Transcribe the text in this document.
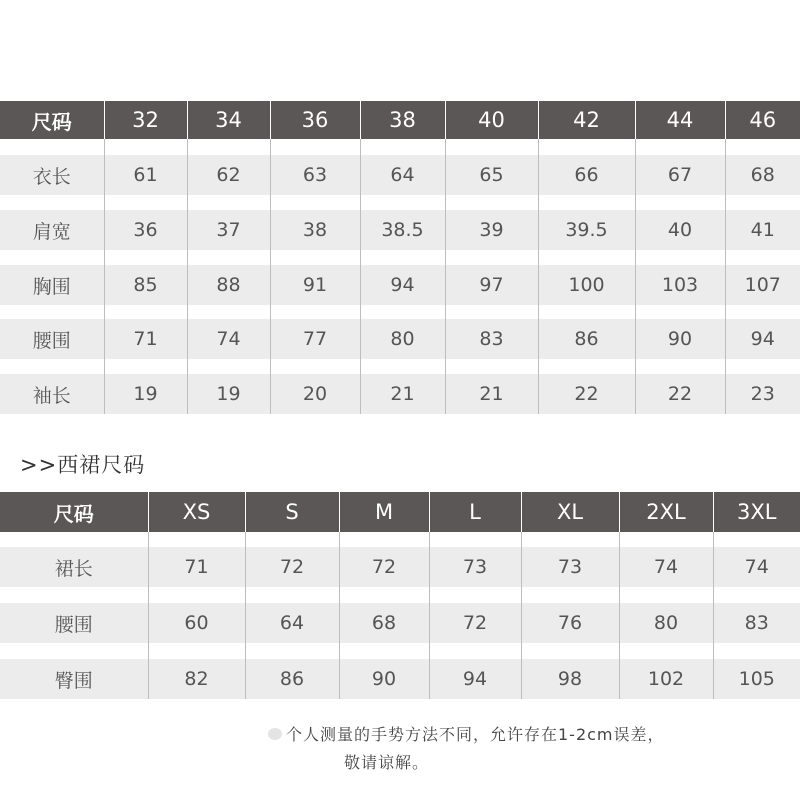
尺码	32	34	36	38	40	42	44	46

衣长	61	62	63	64	65	66	67	68

肩宽	36	37	38	38.5	39	39.5	40	41

胸围	85	88	91	94	97	100	103	107

腰围	71	74	77	80	83	86	90	94

袖长	19	19	20	21	21	22	22	23
>>西裙尺码
尺码	XS	S	M	L	XL	2XL	3XL

裙长	71	72	72	73	73	74	74

腰围	60	64	68	72	76	80	83

臀围	82	86	90	94	98	102	105
个人测量的手势方法不同，允许存在1-2cm误差，
敬请谅解。
